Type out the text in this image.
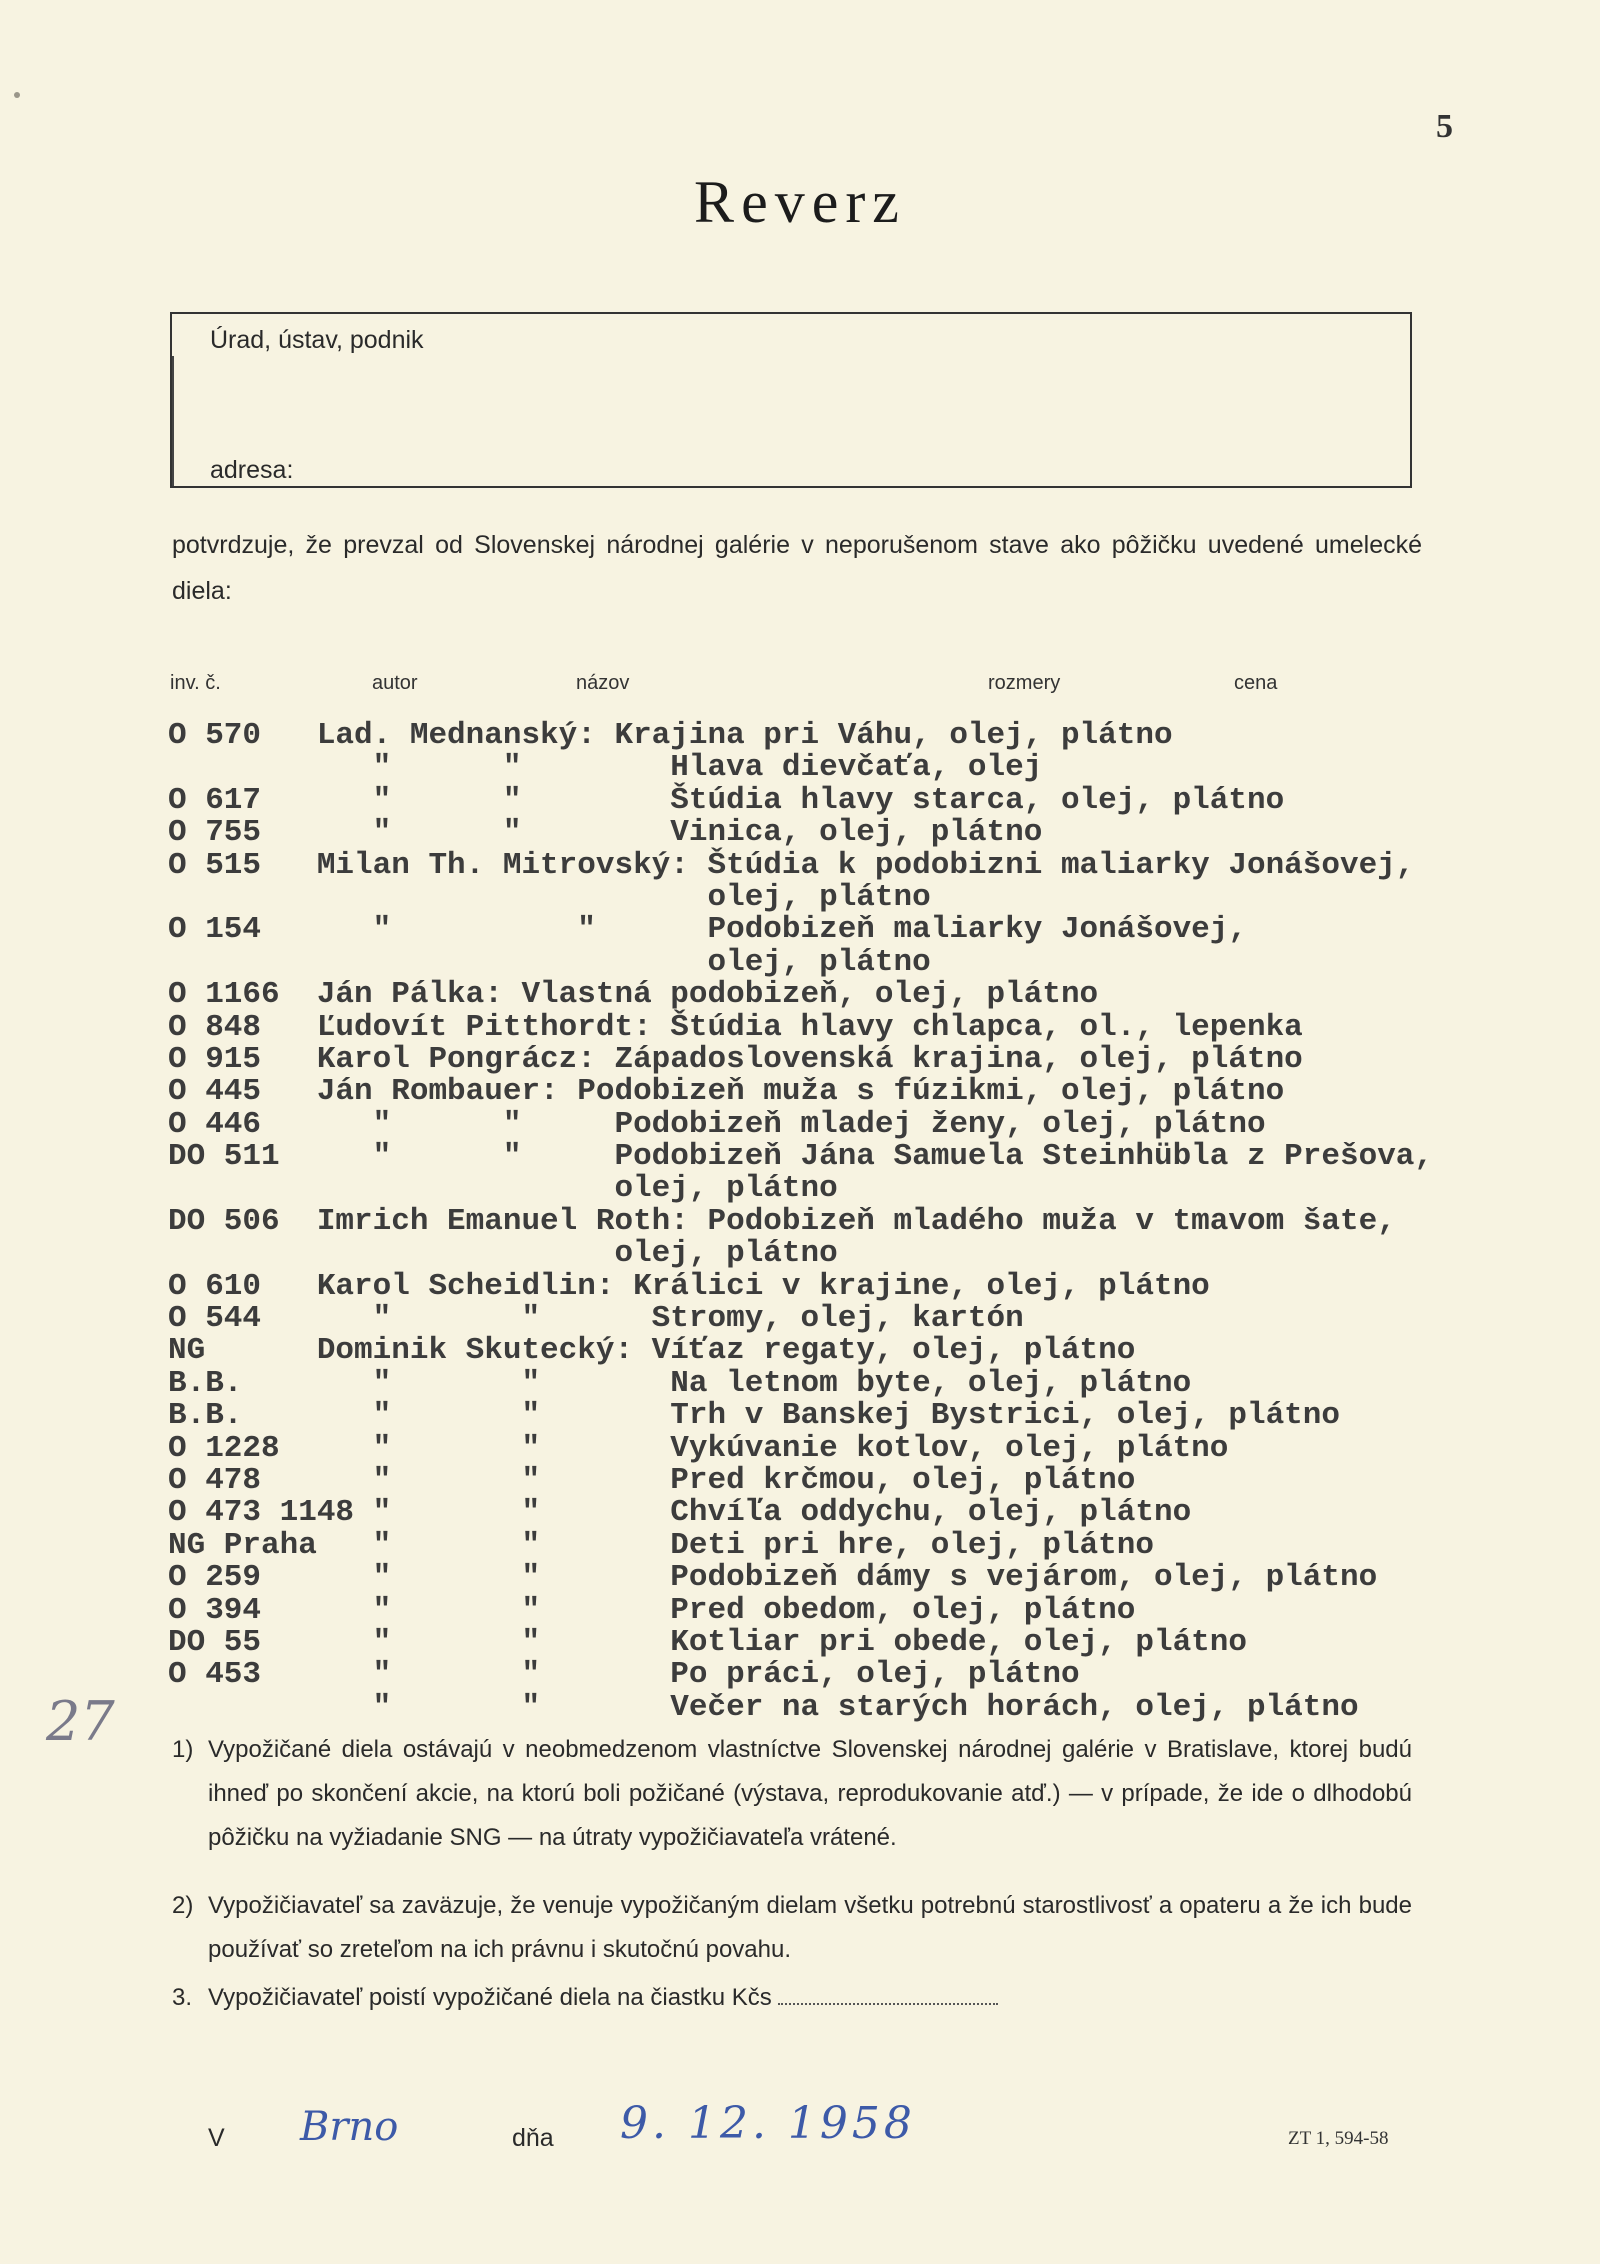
5
Reverz
Úrad, ústav, podnik
adresa:
potvrdzuje, že prevzal od Slovenskej národnej galérie v neporušenom stave ako pôžičku uvedené umelecké diela:
inv. č.	autor	názov	rozmery	cena
O 570   Lad. Mednanský: Krajina pri Váhu, olej, plátno
"      "        Hlava dievčaťa, olej
O 617      "      "        Štúdia hlavy starca, olej, plátno
O 755      "      "        Vinica, olej, plátno
O 515   Milan Th. Mitrovský: Štúdia k podobizni maliarky Jonášovej,
olej, plátno
O 154      "          "      Podobizeň maliarky Jonášovej,
olej, plátno
O 1166  Ján Pálka: Vlastná podobizeň, olej, plátno
O 848   Ľudovít Pitthordt: Štúdia hlavy chlapca, ol., lepenka
O 915   Karol Pongrácz: Západoslovenská krajina, olej, plátno
O 445   Ján Rombauer: Podobizeň muža s fúzikmi, olej, plátno
O 446      "      "     Podobizeň mladej ženy, olej, plátno
DO 511     "      "     Podobizeň Jána Samuela Steinhübla z Prešova,
olej, plátno
DO 506  Imrich Emanuel Roth: Podobizeň mladého muža v tmavom šate,
olej, plátno
O 610   Karol Scheidlin: Králici v krajine, olej, plátno
O 544      "       "      Stromy, olej, kartón
NG      Dominik Skutecký: Víťaz regaty, olej, plátno
B.B.       "       "       Na letnom byte, olej, plátno
B.B.       "       "       Trh v Banskej Bystrici, olej, plátno
O 1228     "       "       Vykúvanie kotlov, olej, plátno
O 478      "       "       Pred krčmou, olej, plátno
O 473 1148 "       "       Chvíľa oddychu, olej, plátno
NG Praha   "       "       Deti pri hre, olej, plátno
O 259      "       "       Podobizeň dámy s vejárom, olej, plátno
O 394      "       "       Pred obedom, olej, plátno
DO 55      "       "       Kotliar pri obede, olej, plátno
O 453      "       "       Po práci, olej, plátno
"       "       Večer na starých horách, olej, plátno
27 1) Vypožičané diela ostávajú v neobmedzenom vlastníctve Slovenskej národnej galérie v Bratislave, ktorej budú ihneď po skončení akcie, na ktorú boli požičané (výstava, reprodukovanie atď.) — v prípade, že ide o dlhodobú pôžičku na vyžiadanie SNG — na útraty vypožičiavateľa vrátené.
2) Vypožičiavateľ sa zaväzuje, že venuje vypožičaným dielam všetku potrebnú starostlivosť a opateru a že ich bude používať so zreteľom na ich právnu i skutočnú povahu.
3. Vypožičiavateľ poistí vypožičané diela na čiastku Kčs
V Brno	dňa 9. 12. 1958	ZT 1, 594-58
